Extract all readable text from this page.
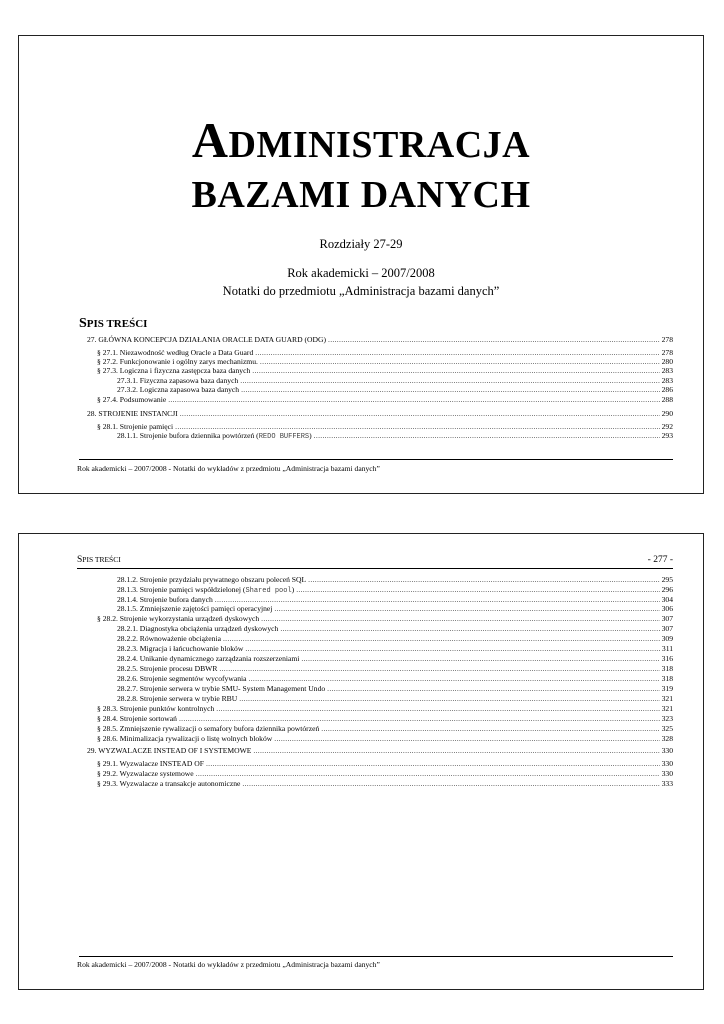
ADMINISTRACJA
BAZAMI DANYCH
Rozdziały 27-29
Rok akademicki – 2007/2008
Notatki do przedmiotu „Administracja bazami danych”
SPIS TREŚCI
27. GŁÓWNA KONCEPCJA DZIAŁANIA ORACLE DATA GUARD (ODG) .....	278
§ 27.1. Niezawodność według Oracle a Data Guard .....	278
§ 27.2. Funkcjonowanie i ogólny zarys mechanizmu. .....	280
§ 27.3. Logiczna i fizyczna zastępcza baza danych .....	283
27.3.1. Fizyczna zapasowa baza danych .....	283
27.3.2. Logiczna zapasowa baza danych .....	286
§ 27.4. Podsumowanie .....	288
28. STROJENIE INSTANCJI .....	290
§ 28.1. Strojenie pamięci .....	292
28.1.1. Strojenie bufora dziennika powtórzeń (REDO BUFFERS) .....	293
Rok akademicki – 2007/2008 - Notatki do wykładów z przedmiotu „Administracja bazami danych”
SPIS TREŚCI	- 277 -
28.1.2. Strojenie przydziału prywatnego obszaru poleceń SQL .....	295
28.1.3. Strojenie pamięci współdzielonej (Shared pool) .....	296
28.1.4. Strojenie bufora danych .....	304
28.1.5. Zmniejszenie zajętości pamięci operacyjnej .....	306
§ 28.2. Strojenie wykorzystania urządzeń dyskowych .....	307
28.2.1. Diagnostyka obciążenia urządzeń dyskowych .....	307
28.2.2. Równoważenie obciążenia .....	309
28.2.3. Migracja i łańcuchowanie bloków .....	311
28.2.4. Unikanie dynamicznego zarządzania rozszerzeniami .....	316
28.2.5. Strojenie procesu DBWR .....	318
28.2.6. Strojenie segmentów wycofywania .....	318
28.2.7. Strojenie serwera w trybie SMU- System Management Undo .....	319
28.2.8. Strojenie serwera w trybie RBU .....	321
§ 28.3. Strojenie punktów kontrolnych .....	321
§ 28.4. Strojenie sortowań .....	323
§ 28.5. Zmniejszenie rywalizacji o semafory bufora dziennika powtórzeń .....	325
§ 28.6. Minimalizacja rywalizacji o listę wolnych bloków .....	328
29. WYZWALACZE INSTEAD OF I SYSTEMOWE .....	330
§ 29.1. Wyzwalacze INSTEAD OF .....	330
§ 29.2. Wyzwalacze systemowe .....	330
§ 29.3. Wyzwalacze a transakcje autonomiczne .....	333
Rok akademicki – 2007/2008 - Notatki do wykładów z przedmiotu „Administracja bazami danych”
